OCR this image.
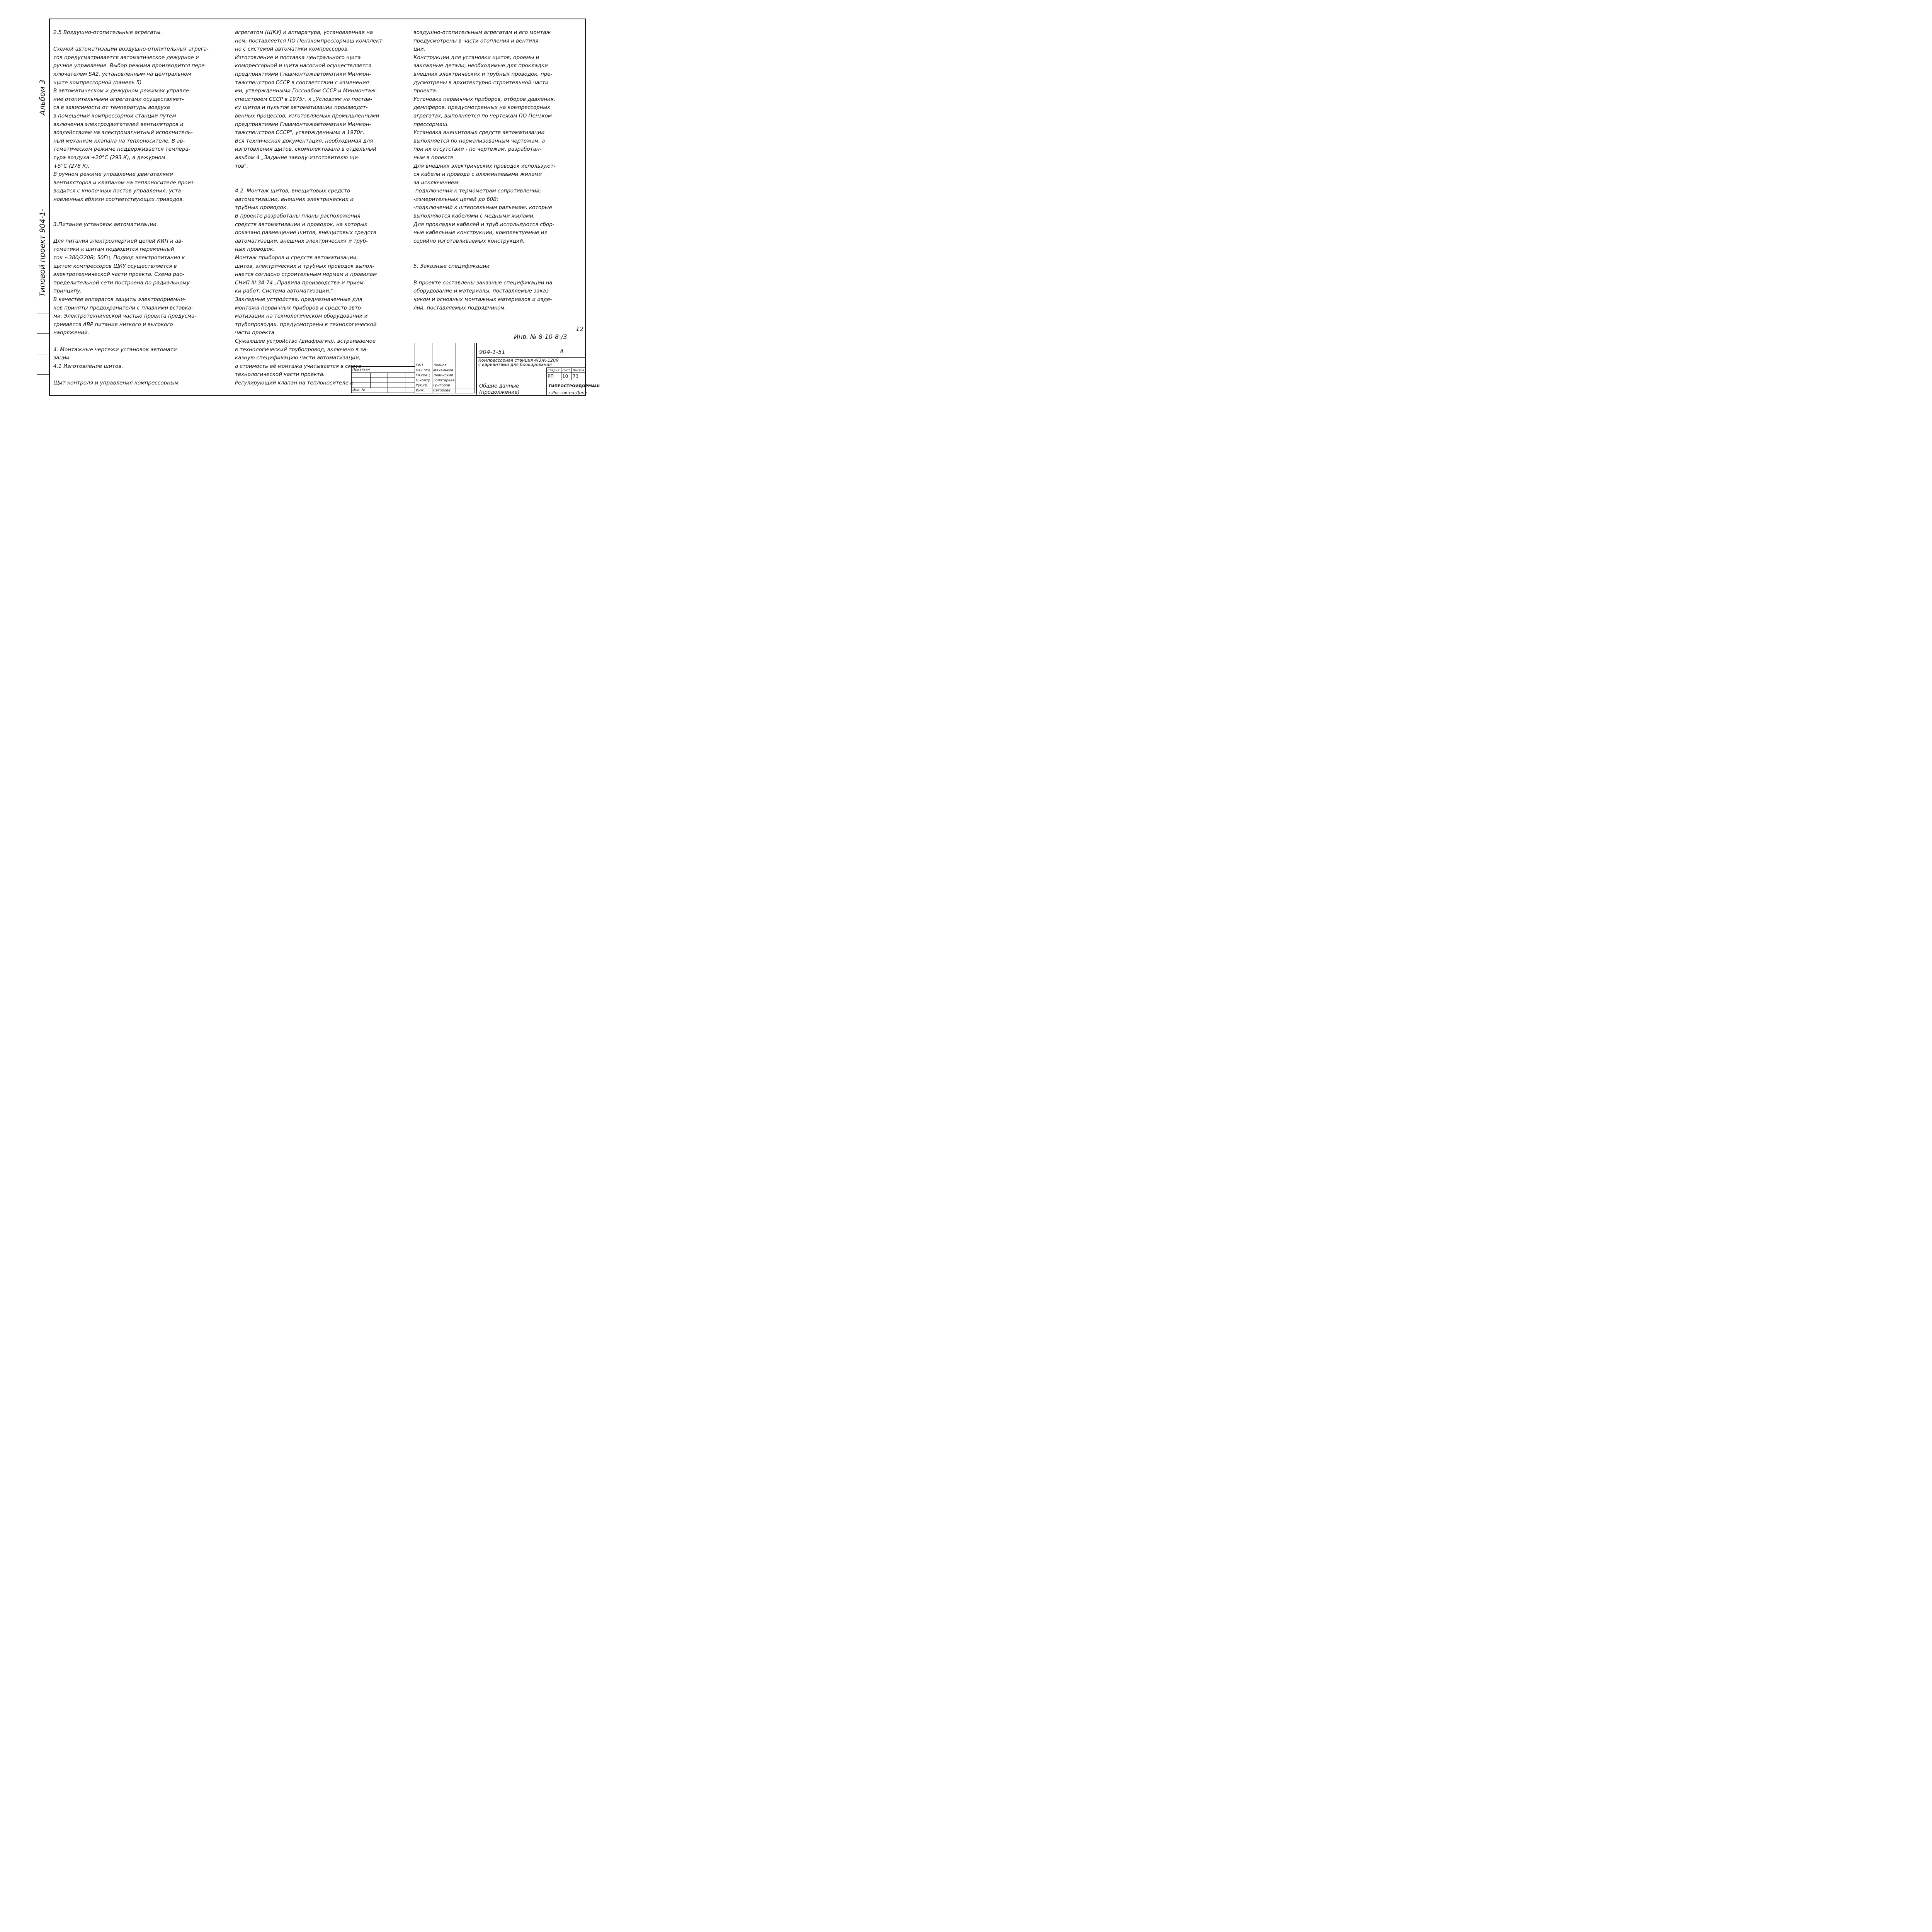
Типовой проект 904-1-  Альбом 3

2.5 Воздушно-отопительные агрегаты.

Схемой автоматизации воздушно-отопительных агрега-

тов предусматривается автоматическое дежурное и

ручное управление. Выбор режима производится пере-

ключателем SA2, установленным на центральном

щите компрессорной (панель 5)

В автоматическом и дежурном режимах управле-

ние отопительными агрегатами осуществляет-

ся в зависимости от температуры воздуха

в помещении компрессорной станции путем

включения электродвигателей вентиляторов и

воздействием на электромагнитный исполнитель-

ный механизм клапана на теплоносителе. В ав-

томатическом режиме поддерживается темпера-

тура воздуха +20°C (293 К), в дежурном

+5°C (278 К).

В ручном режиме управление двигателями

вентиляторов и клапаном на теплоносителе произ-

водится с кнопочных постов управления, уста-

новленных вблизи соответствующих приводов.

3.Питание установок автоматизации.

Для питания электроэнергией цепей КИП и ав-

томатики к щитам подводится переменный

ток ~380/220В; 50Гц. Подвод электропитания к

щитам компрессоров ЩКУ осуществляется в

электротехнической части проекта. Схема рас-

пределительной сети построена по радиальному

принципу.

В качестве аппаратов защиты электроприемни-

ков приняты предохранители с плавкими вставка-

ми. Электротехнической частью проекта предуcма-

тривается АВР питания низкого и высокого

напряжений.

4. Монтажные чертежи установок автомати-

зации.

4.1 Изготовление щитов.

Щит контроля и управления компрессорным

агрегатом (ЩКУ) и аппаратура, установленная на

нем, поставляется ПО Пензкомпрессормаш комплект-

но с системой автоматики компрессоров.

Изготовление и поставка центрального щита

компрессорной и щита насосной осуществляется

предприятиями Главмонтажавтоматики Минмон-

тажспецстроя СССР в соответствии с изменения-

ми, утвержденными Госснабом СССР и Минмонтаж-

спецстроем СССР в 1975г. к „Условиям на постав-

ку щитов и пультов автоматизации производст-

венных процессов, изготовляемых промышленными

предприятиями Главмонтажавтоматики Минмон-

тажспецстроя СССР", утвержденными в 1970г.

Вся техническая документация, необходимая для

изготовления щитов, скомплектована в отдельный

альбом 4 „Задание заводу-изготовителю щи-

тов".

4.2. Монтаж щитов, внещитовых средств

автоматизации, внешних электрических и

трубных проводок.

В проекте разработаны планы расположения

средств автоматизации и проводок, на которых

показано размещение щитов, внещитовых средств

автоматизации, внешних электрических и труб-

ных проводок.

Монтаж приборов и средств автоматизации,

щитов, электрических и трубных проводок выпол-

няется согласно строительным нормам и правилам

СНиП III-34-74 „Правила производства и прием-

ки работ. Система автоматизации."

Закладные устройства, предназначенные для

монтажа первичных приборов и средств авто-

матизации на технологическом оборудовании и

трубопроводах, предусмотрены в технологической

части проекта.

Сужающее устройство (диафрагма), встраиваемое

в технологический трубопровод, включено в за-

казную спецификацию части автоматизации,

а стоимость её монтажа учитывается в смете

технологической части проекта.

Регулирующий клапан на теплоносителе к

воздушно-отопительным агрегатам и его монтаж

предусмотрены в части отопления и вентиля-

ции.

Конструкции для установки щитов, проемы и

закладные детали, необходимые для прокладки

внешних электрических и трубных проводок, пре-

дусмотрены в архитектурно-строительной части

проекта.

Установка первичных приборов, отборов давления,

демпферов, предусмотренных на компрессорных

агрегатах, выполняется по чертежам ПО Пензком-

прессормаш.

Установка внещитовых средств автоматизации

выполняется по нормализованным чертежам, а

при их отсутствии - по чертежам, разработан-

ным в проекте.

Для внешних электрических проводок используют-

ся кабели и провода с алюминиевыми жилами

за исключением:

-подключений к термометрам сопротивлений;

-измерительных цепей до 60В;

-подключений к штепсельным разъемам, которые

выполняются кабелями с медными жилами.

Для прокладки кабелей и труб используются сбор-

ные кабельные конструкции, комплектуемые из

серийно изготавливаемых конструкций.

5. Заказные спецификации

В проекте составлены заказные спецификации на

оборудование и материалы, поставляемые заказ-

чиком и основных монтажных материалов и изде-

лий, поставляемых подрядчиком.

12
Инв. № 8-10-8-/3
Привязан			

Инв. №			

ГИП	Леонов			
Нач.отд	Маханьков			
Гл.спец.	Левинский			
Н.контр.	Золотарева			
Рук.гр.	Григоров			
Инж.	Сагорова			
904-1-51	А
Компрессорная станция 4(3)К-120Я
с вариантами для блокирования
Стадия	Лист	Листов
РП	10	73
Общие данные
(продолжение)
ГИПРОСТРОЙДОРМАШ
г.Ростов-на-Дону
